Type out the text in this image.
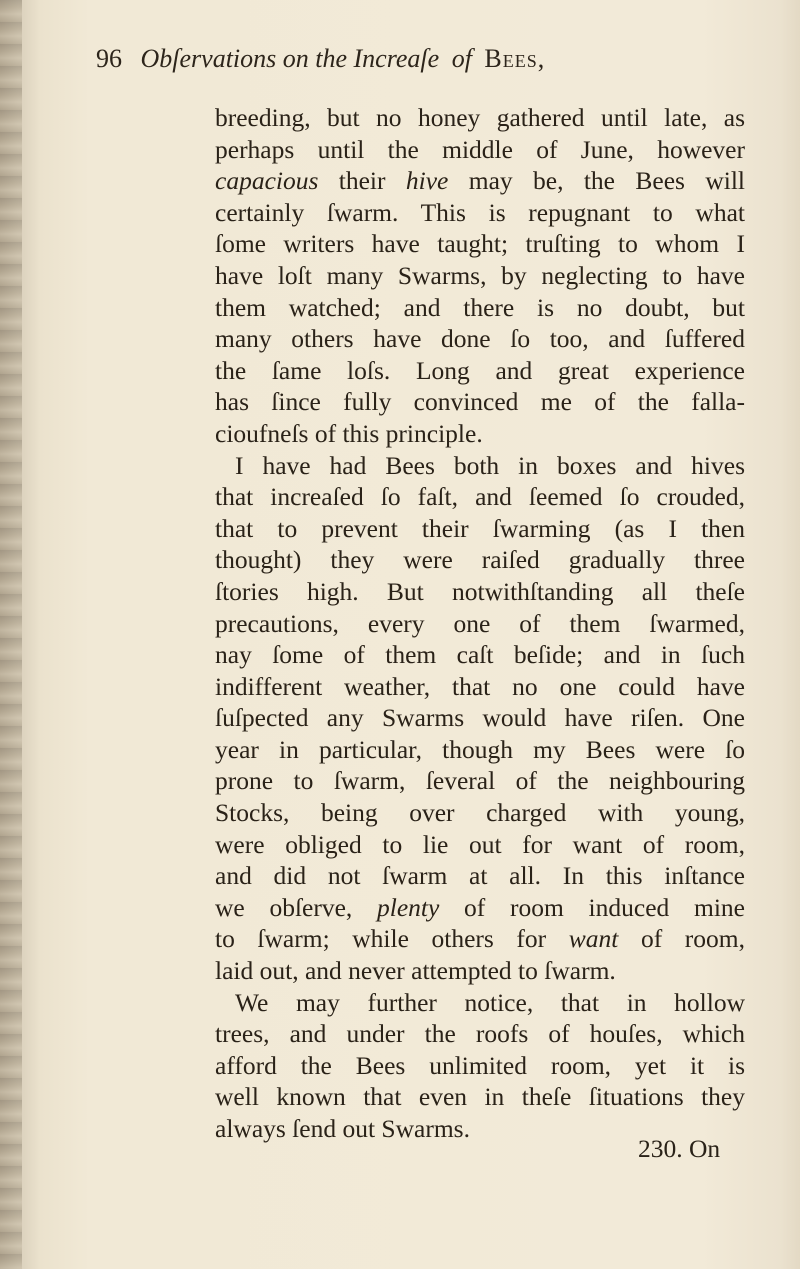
96 Obſervations on the Increaſe of Bees,
breeding, but no honey gathered until late, as
perhaps until the middle of June, however
capacious their hive may be, the Bees will
certainly ſwarm. This is repugnant to what
ſome writers have taught; truſting to whom I
have loſt many Swarms, by neglecting to have
them watched; and there is no doubt, but
many others have done ſo too, and ſuffered
the ſame loſs. Long and great experience
has ſince fully convinced me of the falla-
cioufneſs of this principle.
I have had Bees both in boxes and hives
that increaſed ſo faſt, and ſeemed ſo crouded,
that to prevent their ſwarming (as I then
thought) they were raiſed gradually three
ſtories high. But notwithſtanding all theſe
precautions, every one of them ſwarmed,
nay ſome of them caſt beſide; and in ſuch
indifferent weather, that no one could have
ſuſpected any Swarms would have riſen. One
year in particular, though my Bees were ſo
prone to ſwarm, ſeveral of the neighbouring
Stocks, being over charged with young,
were obliged to lie out for want of room,
and did not ſwarm at all. In this inſtance
we obſerve, plenty of room induced mine
to ſwarm; while others for want of room,
laid out, and never attempted to ſwarm.
We may further notice, that in hollow
trees, and under the roofs of houſes, which
afford the Bees unlimited room, yet it is
well known that even in theſe ſituations they
always ſend out Swarms.
230. On
